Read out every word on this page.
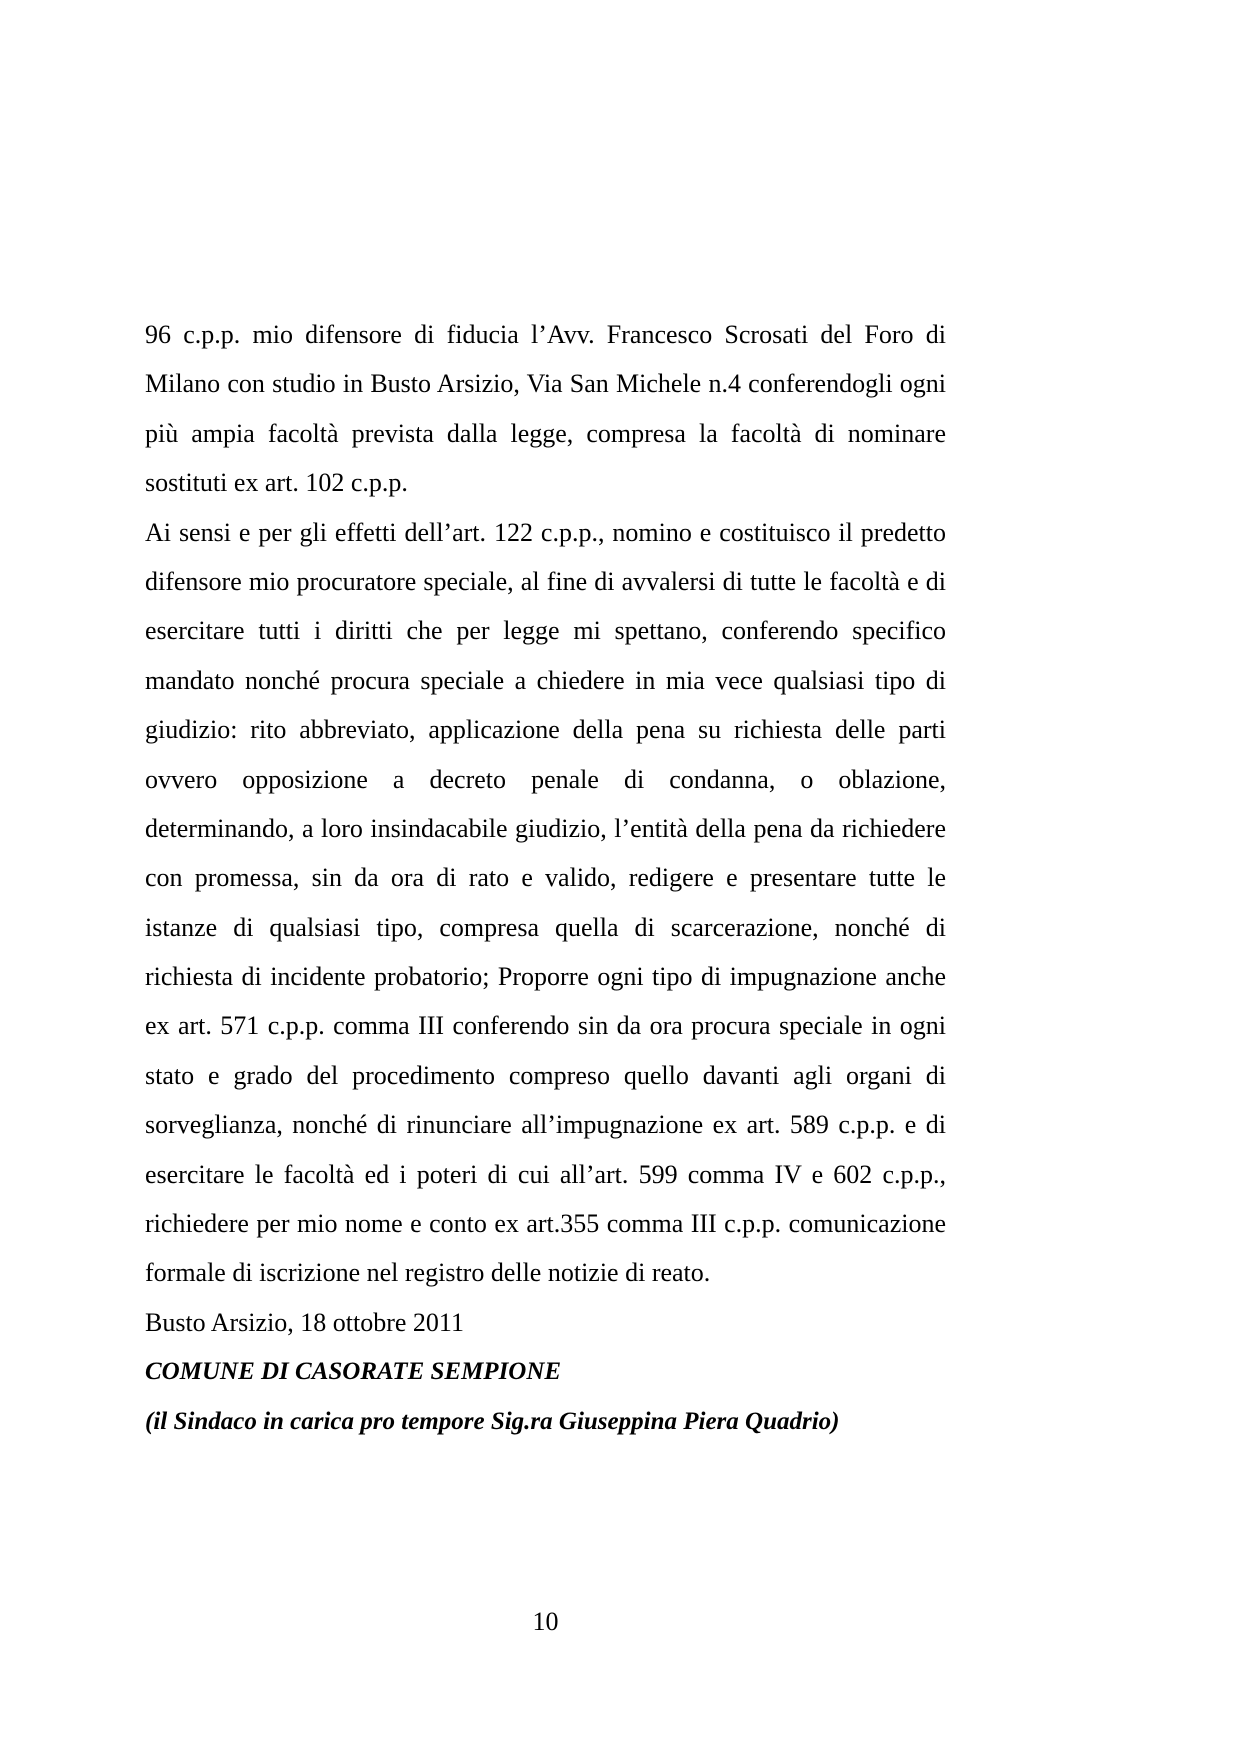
96 c.p.p. mio difensore di fiducia l’Avv. Francesco Scrosati del Foro di
Milano con studio in Busto Arsizio, Via San Michele n.4 conferendogli ogni
più ampia facoltà prevista dalla legge, compresa la facoltà di nominare
sostituti ex art. 102 c.p.p.
Ai sensi e per gli effetti dell’art. 122 c.p.p., nomino e costituisco il predetto
difensore mio procuratore speciale, al fine di avvalersi di tutte le facoltà e di
esercitare tutti i diritti che per legge mi spettano, conferendo specifico
mandato nonché procura speciale a chiedere in mia vece qualsiasi tipo di
giudizio: rito abbreviato, applicazione della pena su richiesta delle parti
ovvero opposizione a decreto penale di condanna, o oblazione,
determinando, a loro insindacabile giudizio, l’entità della pena da richiedere
con promessa, sin da ora di rato e valido, redigere e presentare tutte le
istanze di qualsiasi tipo, compresa quella di scarcerazione, nonché di
richiesta di incidente probatorio; Proporre ogni tipo di impugnazione anche
ex art. 571 c.p.p. comma III conferendo sin da ora procura speciale in ogni
stato e grado del procedimento compreso quello davanti agli organi di
sorveglianza, nonché di rinunciare all’impugnazione ex art. 589 c.p.p. e di
esercitare le facoltà ed i poteri di cui all’art. 599 comma IV e 602 c.p.p.,
richiedere per mio nome e conto ex art.355 comma III c.p.p. comunicazione
formale di iscrizione nel registro delle notizie di reato.
Busto Arsizio, 18 ottobre 2011
COMUNE DI CASORATE SEMPIONE
(il Sindaco in carica pro tempore Sig.ra Giuseppina Piera Quadrio)
10
